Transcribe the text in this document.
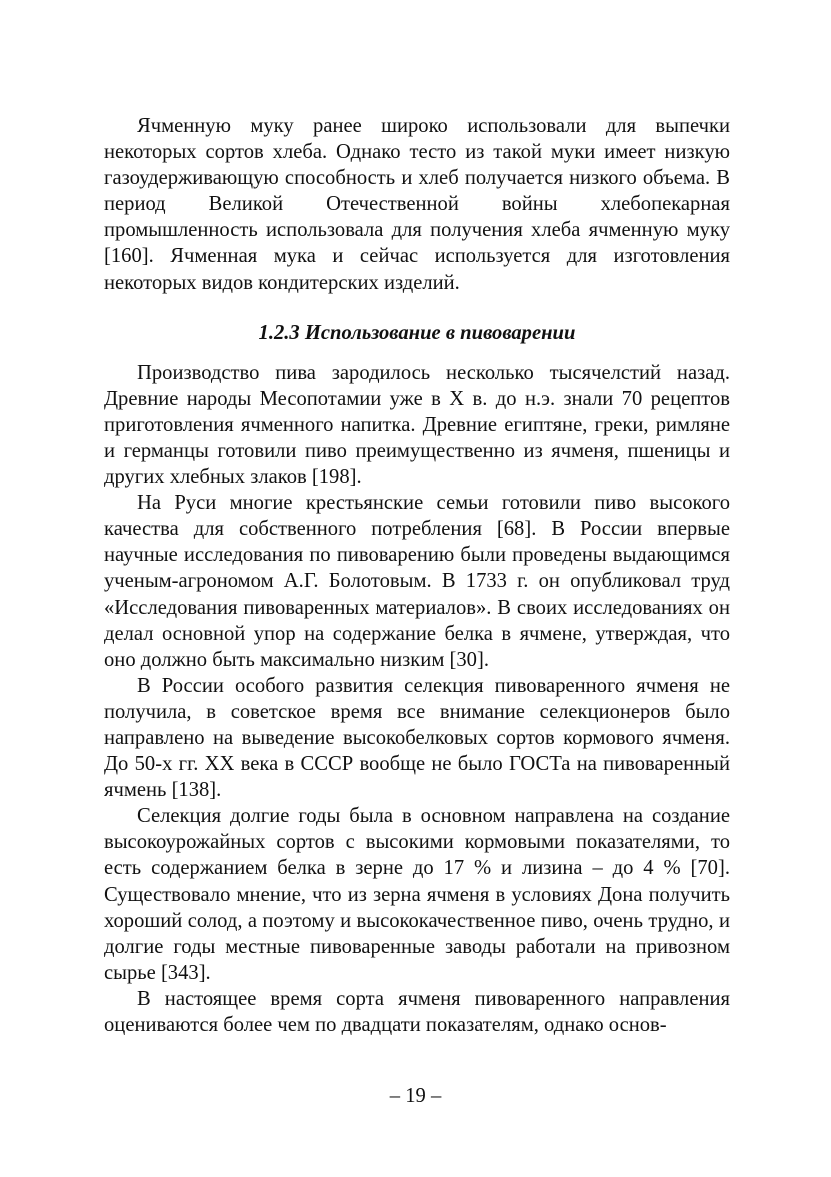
Ячменную муку ранее широко использовали для выпечки некоторых сортов хлеба. Однако тесто из такой муки имеет низкую газоудерживающую способность и хлеб получается низкого объема. В период Великой Отечественной войны хлебопекарная промышленность использовала для получения хлеба ячменную муку [160]. Ячменная мука и сейчас используется для изготовления некоторых видов кондитерских изделий.

1.2.3 Использование в пивоварении

Производство пива зародилось несколько тысячелстий назад. Древние народы Месопотамии уже в X в. до н.э. знали 70 рецептов приготовления ячменного напитка. Древние египтяне, греки, римляне и германцы готовили пиво преимущественно из ячменя, пшеницы и других хлебных злаков [198].

На Руси многие крестьянские семьи готовили пиво высокого качества для собственного потребления [68]. В России впервые научные исследования по пивоварению были проведены выдающимся ученым-агрономом А.Г. Болотовым. В 1733 г. он опубликовал труд «Исследования пивоваренных материалов». В своих исследованиях он делал основной упор на содержание белка в ячмене, утверждая, что оно должно быть максимально низким [30].

В России особого развития селекция пивоваренного ячменя не получила, в советское время все внимание селекционеров было направлено на выведение высокобелковых сортов кормового ячменя. До 50-х гг. XX века в СССР вообще не было ГОСТа на пивоваренный ячмень [138].

Селекция долгие годы была в основном направлена на создание высокоурожайных сортов с высокими кормовыми показателями, то есть содержанием белка в зерне до 17 % и лизина – до 4 % [70]. Существовало мнение, что из зерна ячменя в условиях Дона получить хороший солод, а поэтому и высококачественное пиво, очень трудно, и долгие годы местные пивоваренные заводы работали на привозном сырье [343].

В настоящее время сорта ячменя пивоваренного направления оцениваются более чем по двадцати показателям, однако основ-

– 19 –
